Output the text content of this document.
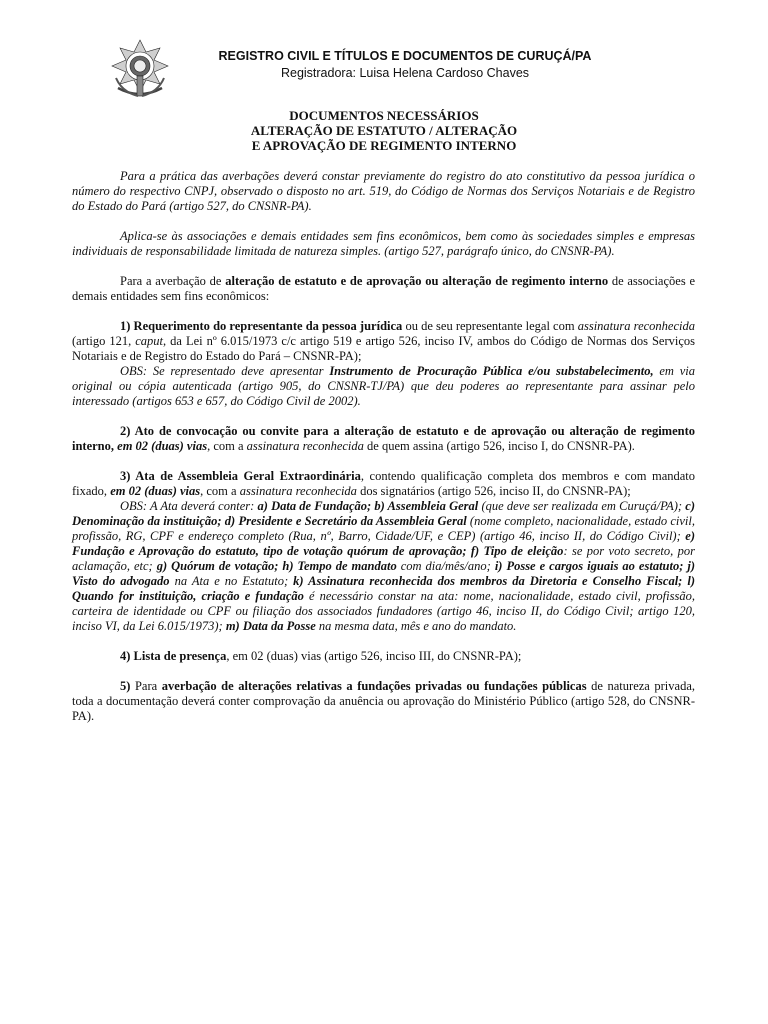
REGISTRO CIVIL E TÍTULOS E DOCUMENTOS DE CURUÇÁ/PA
Registradora: Luisa Helena Cardoso Chaves
DOCUMENTOS NECESSÁRIOS
ALTERAÇÃO DE ESTATUTO / ALTERAÇÃO
E APROVAÇÃO DE REGIMENTO INTERNO

Para a prática das averbações deverá constar previamente do registro do ato constitutivo da pessoa jurídica o número do respectivo CNPJ, observado o disposto no art. 519, do Código de Normas dos Serviços Notariais e de Registro do Estado do Pará (artigo 527, do CNSNR-PA).

Aplica-se às associações e demais entidades sem fins econômicos, bem como às sociedades simples e empresas individuais de responsabilidade limitada de natureza simples. (artigo 527, parágrafo único, do CNSNR-PA).

Para a averbação de alteração de estatuto e de aprovação ou alteração de regimento interno de associações e demais entidades sem fins econômicos:

1) Requerimento do representante da pessoa jurídica ou de seu representante legal com assinatura reconhecida (artigo 121, caput, da Lei nº 6.015/1973 c/c artigo 519 e artigo 526, inciso IV, ambos do Código de Normas dos Serviços Notariais e de Registro do Estado do Pará – CNSNR-PA);

OBS: Se representado deve apresentar Instrumento de Procuração Pública e/ou substabelecimento, em via original ou cópia autenticada (artigo 905, do CNSNR-TJ/PA) que deu poderes ao representante para assinar pelo interessado (artigos 653 e 657, do Código Civil de 2002).

2) Ato de convocação ou convite para a alteração de estatuto e de aprovação ou alteração de regimento interno, em 02 (duas) vias, com a assinatura reconhecida de quem assina (artigo 526, inciso I, do CNSNR-PA).

3) Ata de Assembleia Geral Extraordinária, contendo qualificação completa dos membros e com mandato fixado, em 02 (duas) vias, com a assinatura reconhecida dos signatários (artigo 526, inciso II, do CNSNR-PA);

OBS: A Ata deverá conter: a) Data de Fundação; b) Assembleia Geral (que deve ser realizada em Curuçá/PA); c) Denominação da instituição; d) Presidente e Secretário da Assembleia Geral (nome completo, nacionalidade, estado civil, profissão, RG, CPF e endereço completo (Rua, nº, Barro, Cidade/UF, e CEP) (artigo 46, inciso II, do Código Civil); e) Fundação e Aprovação do estatuto, tipo de votação quórum de aprovação; f) Tipo de eleição: se por voto secreto, por aclamação, etc; g) Quórum de votação; h) Tempo de mandato com dia/mês/ano; i) Posse e cargos iguais ao estatuto; j) Visto do advogado na Ata e no Estatuto; k) Assinatura reconhecida dos membros da Diretoria e Conselho Fiscal; l) Quando for instituição, criação e fundação é necessário constar na ata: nome, nacionalidade, estado civil, profissão, carteira de identidade ou CPF ou filiação dos associados fundadores (artigo 46, inciso II, do Código Civil; artigo 120, inciso VI, da Lei 6.015/1973); m) Data da Posse na mesma data, mês e ano do mandato.

4) Lista de presença, em 02 (duas) vias (artigo 526, inciso III, do CNSNR-PA);

5) Para averbação de alterações relativas a fundações privadas ou fundações públicas de natureza privada, toda a documentação deverá conter comprovação da anuência ou aprovação do Ministério Público (artigo 528, do CNSNR-PA).
